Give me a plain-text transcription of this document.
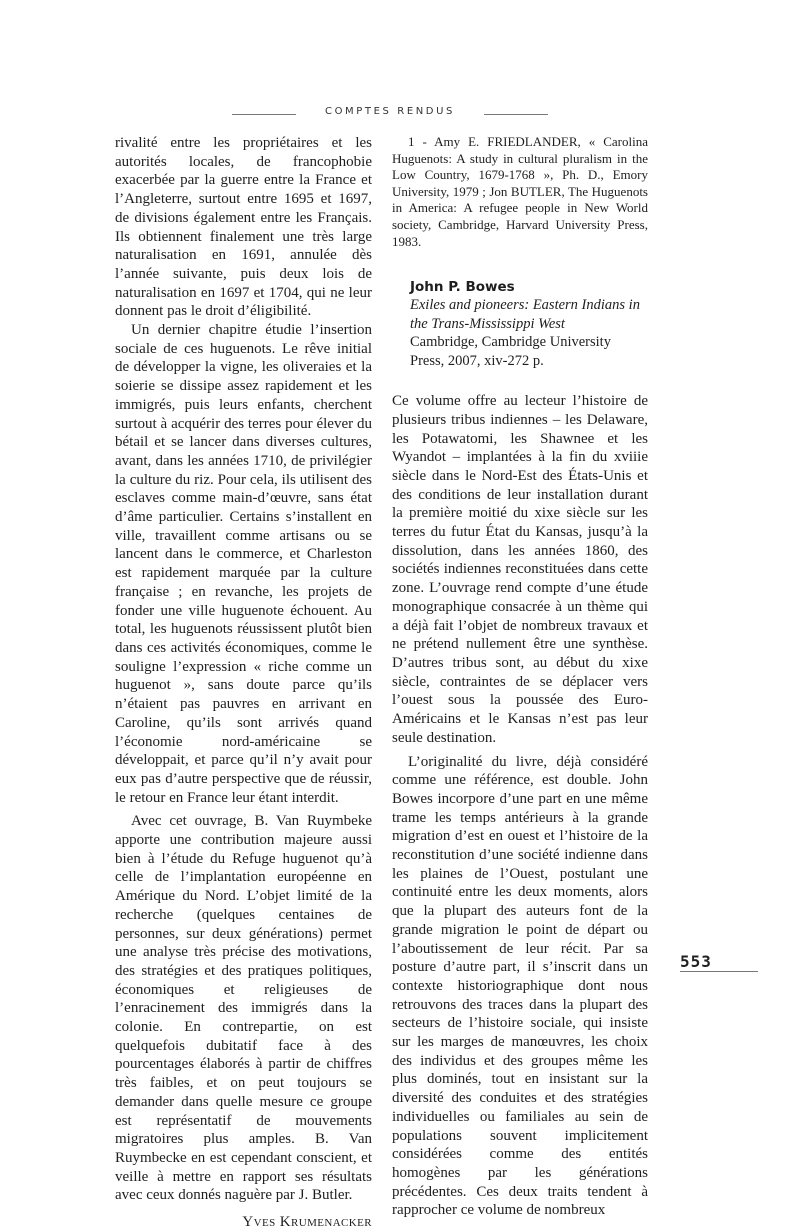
COMPTES RENDUS

rivalité entre les propriétaires et les autorités locales, de francophobie exacerbée par la guerre entre la France et l’Angleterre, surtout entre 1695 et 1697, de divisions également entre les Français. Ils obtiennent finalement une très large naturalisation en 1691, annulée dès l’année suivante, puis deux lois de naturalisation en 1697 et 1704, qui ne leur donnent pas le droit d’éligibilité.

Un dernier chapitre étudie l’insertion sociale de ces huguenots. Le rêve initial de développer la vigne, les oliveraies et la soierie se dissipe assez rapidement et les immigrés, puis leurs enfants, cherchent surtout à acquérir des terres pour élever du bétail et se lancer dans diverses cultures, avant, dans les années 1710, de privilégier la culture du riz. Pour cela, ils utilisent des esclaves comme main-d’œuvre, sans état d’âme particulier. Certains s’installent en ville, travaillent comme artisans ou se lancent dans le commerce, et Charleston est rapidement marquée par la culture française ; en revanche, les projets de fonder une ville huguenote échouent. Au total, les huguenots réussissent plutôt bien dans ces activités économiques, comme le souligne l’expression « riche comme un huguenot », sans doute parce qu’ils n’étaient pas pauvres en arrivant en Caroline, qu’ils sont arrivés quand l’économie nord-américaine se développait, et parce qu’il n’y avait pour eux pas d’autre perspective que de réussir, le retour en France leur étant interdit.

Avec cet ouvrage, B. Van Ruymbeke apporte une contribution majeure aussi bien à l’étude du Refuge huguenot qu’à celle de l’implantation européenne en Amérique du Nord. L’objet limité de la recherche (quelques centaines de personnes, sur deux générations) permet une analyse très précise des motivations, des stratégies et des pratiques politiques, économiques et religieuses de l’enracinement des immigrés dans la colonie. En contrepartie, on est quelquefois dubitatif face à des pourcentages élaborés à partir de chiffres très faibles, et on peut toujours se demander dans quelle mesure ce groupe est représentatif de mouvements migratoires plus amples. B. Van Ruymbecke en est cependant conscient, et veille à mettre en rapport ses résultats avec ceux donnés naguère par J. Butler.

Yves Krumenacker

1 - Amy E. FRIEDLANDER, « Carolina Huguenots: A study in cultural pluralism in the Low Country, 1679-1768 », Ph. D., Emory University, 1979 ; Jon BUTLER, The Huguenots in America: A refugee people in New World society, Cambridge, Harvard University Press, 1983.

John P. Bowes
Exiles and pioneers: Eastern Indians in the Trans-Mississippi West
Cambridge, Cambridge University Press, 2007, xiv-272 p.

Ce volume offre au lecteur l’histoire de plusieurs tribus indiennes – les Delaware, les Potawatomi, les Shawnee et les Wyandot – implantées à la fin du xviiie siècle dans le Nord-Est des États-Unis et des conditions de leur installation durant la première moitié du xixe siècle sur les terres du futur État du Kansas, jusqu’à la dissolution, dans les années 1860, des sociétés indiennes reconstituées dans cette zone. L’ouvrage rend compte d’une étude monographique consacrée à un thème qui a déjà fait l’objet de nombreux travaux et ne prétend nullement être une synthèse. D’autres tribus sont, au début du xixe siècle, contraintes de se déplacer vers l’ouest sous la poussée des Euro-Américains et le Kansas n’est pas leur seule destination.

L’originalité du livre, déjà considéré comme une référence, est double. John Bowes incorpore d’une part en une même trame les temps antérieurs à la grande migration d’est en ouest et l’histoire de la reconstitution d’une société indienne dans les plaines de l’Ouest, postulant une continuité entre les deux moments, alors que la plupart des auteurs font de la grande migration le point de départ ou l’aboutissement de leur récit. Par sa posture d’autre part, il s’inscrit dans un contexte historiographique dont nous retrouvons des traces dans la plupart des secteurs de l’histoire sociale, qui insiste sur les marges de manœuvres, les choix des individus et des groupes même les plus dominés, tout en insistant sur la diversité des conduites et des stratégies individuelles ou familiales au sein de populations souvent implicitement considérées comme des entités homogènes par les générations précédentes. Ces deux traits tendent à rapprocher ce volume de nombreux

553
